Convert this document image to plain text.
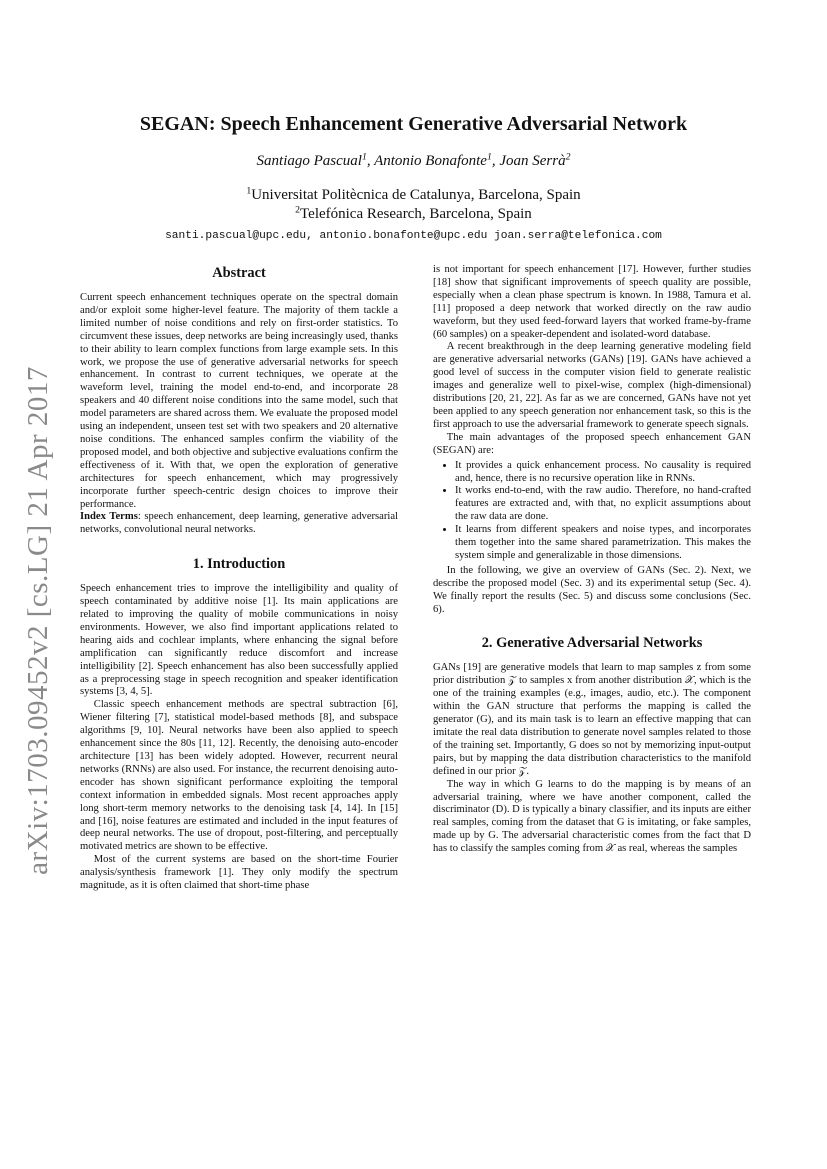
arXiv:1703.09452v2 [cs.LG] 21 Apr 2017
SEGAN: Speech Enhancement Generative Adversarial Network
Santiago Pascual$^1$, Antonio Bonafonte$^1$, Joan Serrà$^2$
$^1$Universitat Politècnica de Catalunya, Barcelona, Spain
$^2$Telefónica Research, Barcelona, Spain
santi.pascual@upc.edu, antonio.bonafonte@upc.edu joan.serra@telefonica.com
Abstract

Current speech enhancement techniques operate on the spectral domain and/or exploit some higher-level feature. The majority of them tackle a limited number of noise conditions and rely on first-order statistics. To circumvent these issues, deep networks are being increasingly used, thanks to their ability to learn complex functions from large example sets. In this work, we propose the use of generative adversarial networks for speech enhancement. In contrast to current techniques, we operate at the waveform level, training the model end-to-end, and incorporate 28 speakers and 40 different noise conditions into the same model, such that model parameters are shared across them. We evaluate the proposed model using an independent, unseen test set with two speakers and 20 alternative noise conditions. The enhanced samples confirm the viability of the proposed model, and both objective and subjective evaluations confirm the effectiveness of it. With that, we open the exploration of generative architectures for speech enhancement, which may progressively incorporate further speech-centric design choices to improve their performance.

Index Terms: speech enhancement, deep learning, generative adversarial networks, convolutional neural networks.

1. Introduction

Speech enhancement tries to improve the intelligibility and quality of speech contaminated by additive noise [1]. Its main applications are related to improving the quality of mobile communications in noisy environments. However, we also find important applications related to hearing aids and cochlear implants, where enhancing the signal before amplification can significantly reduce discomfort and increase intelligibility [2]. Speech enhancement has also been successfully applied as a preprocessing stage in speech recognition and speaker identification systems [3, 4, 5].

Classic speech enhancement methods are spectral subtraction [6], Wiener filtering [7], statistical model-based methods [8], and subspace algorithms [9, 10]. Neural networks have been also applied to speech enhancement since the 80s [11, 12]. Recently, the denoising auto-encoder architecture [13] has been widely adopted. However, recurrent neural networks (RNNs) are also used. For instance, the recurrent denoising auto-encoder has shown significant performance exploiting the temporal context information in embedded signals. Most recent approaches apply long short-term memory networks to the denoising task [4, 14]. In [15] and [16], noise features are estimated and included in the input features of deep neural networks. The use of dropout, post-filtering, and perceptually motivated metrics are shown to be effective.

Most of the current systems are based on the short-time Fourier analysis/synthesis framework [1]. They only modify the spectrum magnitude, as it is often claimed that short-time phase

is not important for speech enhancement [17]. However, further studies [18] show that significant improvements of speech quality are possible, especially when a clean phase spectrum is known. In 1988, Tamura et al. [11] proposed a deep network that worked directly on the raw audio waveform, but they used feed-forward layers that worked frame-by-frame (60 samples) on a speaker-dependent and isolated-word database.

A recent breakthrough in the deep learning generative modeling field are generative adversarial networks (GANs) [19]. GANs have achieved a good level of success in the computer vision field to generate realistic images and generalize well to pixel-wise, complex (high-dimensional) distributions [20, 21, 22]. As far as we are concerned, GANs have not yet been applied to any speech generation nor enhancement task, so this is the first approach to use the adversarial framework to generate speech signals.

The main advantages of the proposed speech enhancement GAN (SEGAN) are:

• It provides a quick enhancement process. No causality is required and, hence, there is no recursive operation like in RNNs.
• It works end-to-end, with the raw audio. Therefore, no hand-crafted features are extracted and, with that, no explicit assumptions about the raw data are done.
• It learns from different speakers and noise types, and incorporates them together into the same shared parametrization. This makes the system simple and generalizable in those dimensions.

In the following, we give an overview of GANs (Sec. 2). Next, we describe the proposed model (Sec. 3) and its experimental setup (Sec. 4). We finally report the results (Sec. 5) and discuss some conclusions (Sec. 6).

2. Generative Adversarial Networks

GANs [19] are generative models that learn to map samples z from some prior distribution 𝒵 to samples x from another distribution 𝒳, which is the one of the training examples (e.g., images, audio, etc.). The component within the GAN structure that performs the mapping is called the generator (G), and its main task is to learn an effective mapping that can imitate the real data distribution to generate novel samples related to those of the training set. Importantly, G does so not by memorizing input-output pairs, but by mapping the data distribution characteristics to the manifold defined in our prior 𝒵.

The way in which G learns to do the mapping is by means of an adversarial training, where we have another component, called the discriminator (D). D is typically a binary classifier, and its inputs are either real samples, coming from the dataset that G is imitating, or fake samples, made up by G. The adversarial characteristic comes from the fact that D has to classify the samples coming from 𝒳 as real, whereas the samples
